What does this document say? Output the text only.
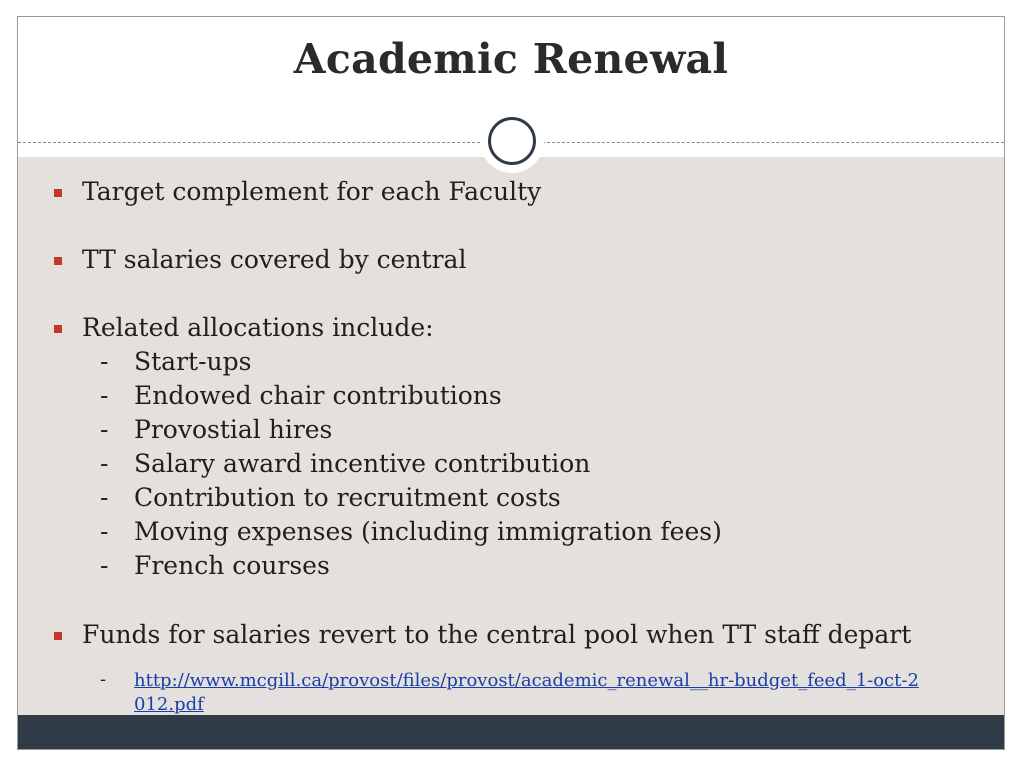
Academic Renewal
Target complement for each Faculty
TT salaries covered by central
Related allocations include:
- Start-ups
- Endowed chair contributions
- Provostial hires
- Salary award incentive contribution
- Contribution to recruitment costs
- Moving expenses (including immigration fees)
- French courses
Funds for salaries revert to the central pool when TT staff depart
- http://www.mcgill.ca/provost/files/provost/academic_renewal__hr-budget_feed_1-oct-2012.pdf
